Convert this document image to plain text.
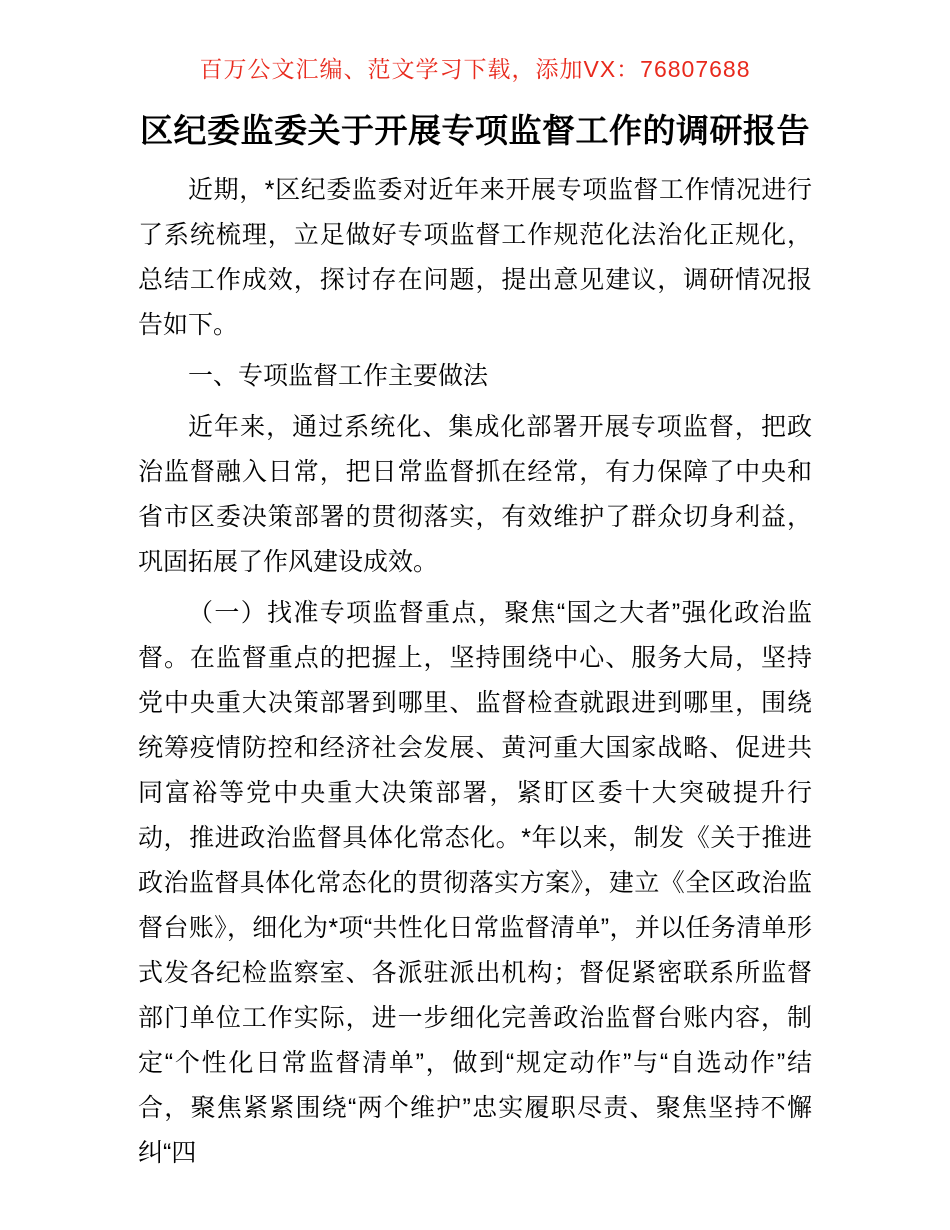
百万公文汇编、范文学习下载，添加VX：76807688
区纪委监委关于开展专项监督工作的调研报告

近期，*区纪委监委对近年来开展专项监督工作情况进行了系统梳理，立足做好专项监督工作规范化法治化正规化，总结工作成效，探讨存在问题，提出意见建议，调研情况报告如下。

一、专项监督工作主要做法

近年来，通过系统化、集成化部署开展专项监督，把政治监督融入日常，把日常监督抓在经常，有力保障了中央和省市区委决策部署的贯彻落实，有效维护了群众切身利益，巩固拓展了作风建设成效。

（一）找准专项监督重点，聚焦“国之大者”强化政治监督。在监督重点的把握上，坚持围绕中心、服务大局，坚持党中央重大决策部署到哪里、监督检查就跟进到哪里，围绕统筹疫情防控和经济社会发展、黄河重大国家战略、促进共同富裕等党中央重大决策部署，紧盯区委十大突破提升行动，推进政治监督具体化常态化。*年以来，制发《关于推进政治监督具体化常态化的贯彻落实方案》，建立《全区政治监督台账》，细化为*项“共性化日常监督清单”，并以任务清单形式发各纪检监察室、各派驻派出机构；督促紧密联系所监督部门单位工作实际，进一步细化完善政治监督台账内容，制定“个性化日常监督清单”，做到“规定动作”与“自选动作”结合，聚焦紧紧围绕“两个维护”忠实履职尽责、聚焦坚持不懈纠“四
